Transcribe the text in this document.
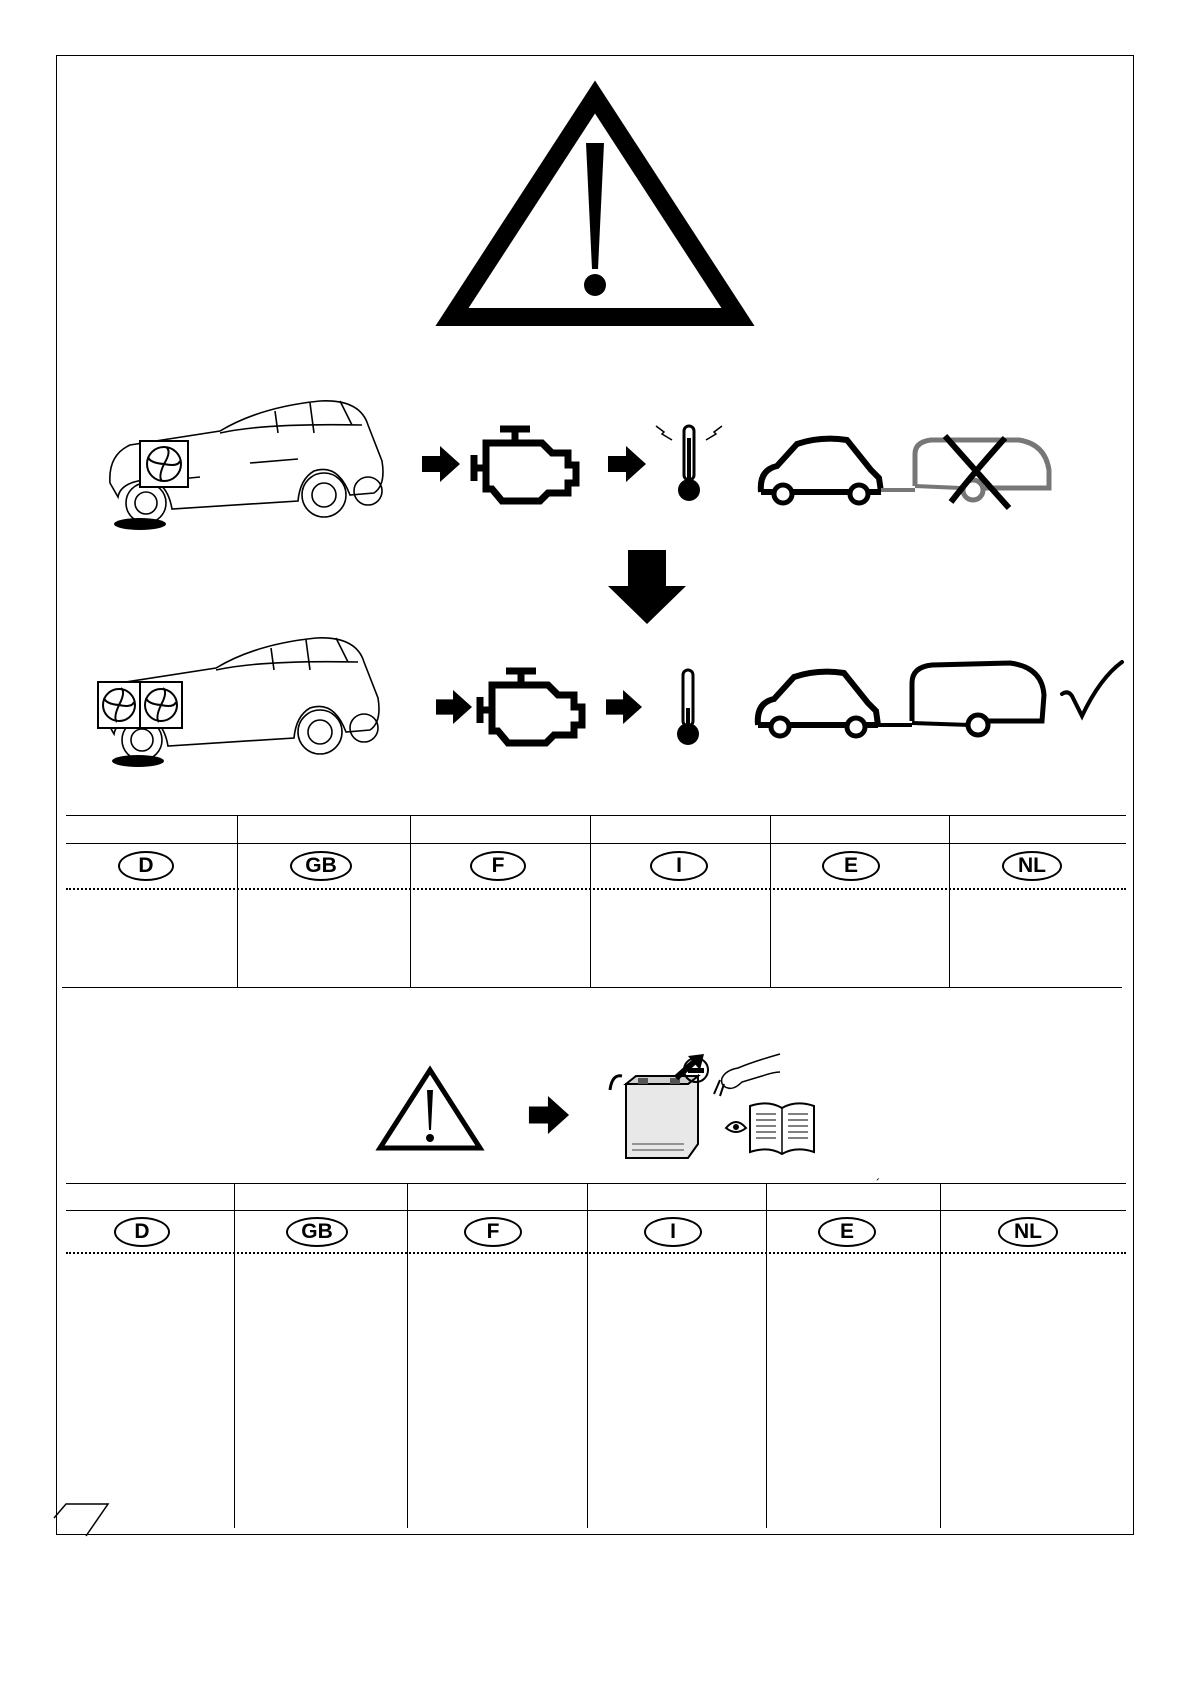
D	GB	F	I	E	NL
´
D	GB	F	I	E	NL
